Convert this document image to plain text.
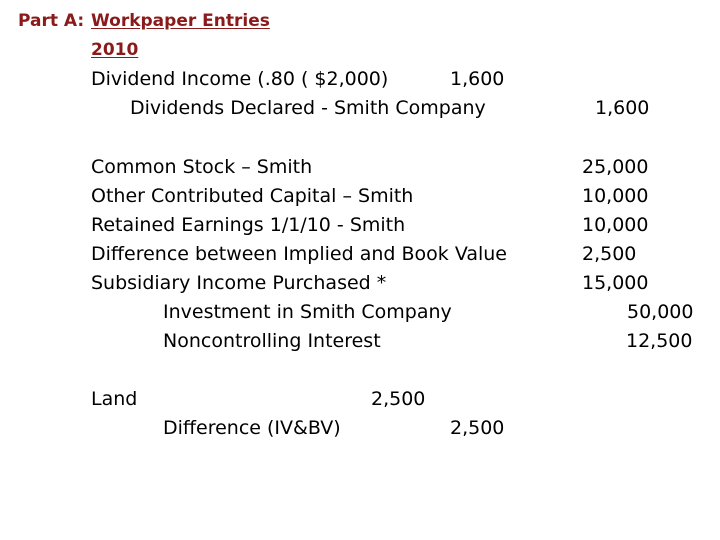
Part A: Workpaper Entries
2010
Dividend Income (.80 ( $2,000)	1,600
Dividends Declared - Smith Company	1,600
Common Stock – Smith	25,000
Other Contributed Capital – Smith	10,000
Retained Earnings 1/1/10 - Smith	10,000
Difference between Implied and Book Value	2,500
Subsidiary Income Purchased *	15,000
Investment in Smith Company	50,000
Noncontrolling Interest	12,500
Land	2,500
Difference (IV&BV)	2,500
